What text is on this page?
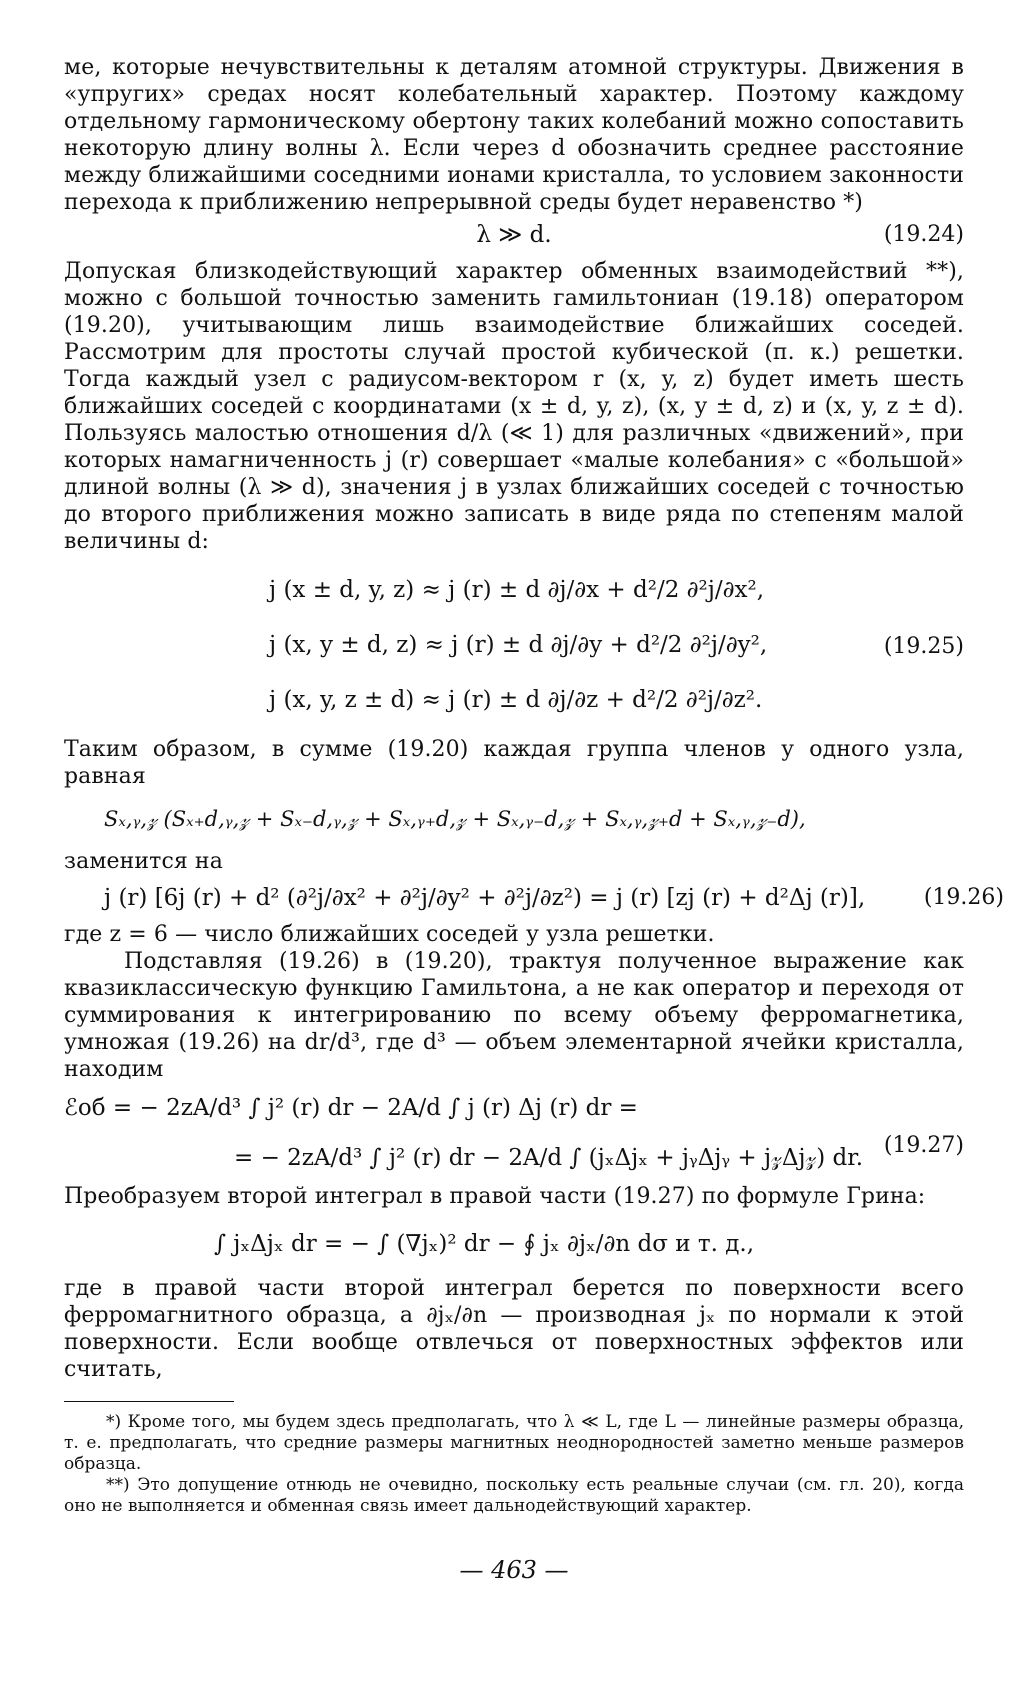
ме, которые нечувствительны к деталям атомной структуры. Движения в «упругих» средах носят колебательный характер. Поэтому каждому отдельному гармоническому обертону таких колебаний можно сопоставить некоторую длину волны λ. Если через d обозначить среднее расстояние между ближайшими соседними ионами кристалла, то условием законности перехода к приближению непрерывной среды будет неравенство *)

λ ≫ d.	(19.24)

Допуская близкодействующий характер обменных взаимодействий **), можно с большой точностью заменить гамильтониан (19.18) оператором (19.20), учитывающим лишь взаимодействие ближайших соседей. Рассмотрим для простоты случай простой кубической (п. к.) решетки. Тогда каждый узел с радиусом-вектором r (x, y, z) будет иметь шесть ближайших соседей с координатами (x ± d, y, z), (x, y ± d, z) и (x, y, z ± d). Пользуясь малостью отношения d/λ (≪ 1) для различных «движений», при которых намагниченность j (r) совершает «малые колебания» с «большой» длиной волны (λ ≫ d), значения j в узлах ближайших соседей с точностью до второго приближения можно записать в виде ряда по степеням малой величины d:

j (x ± d, y, z) ≈ j (r) ± d ∂j/∂x + d²/2 ∂²j/∂x²,
j (x, y ± d, z) ≈ j (r) ± d ∂j/∂y + d²/2 ∂²j/∂y²,
j (x, y, z ± d) ≈ j (r) ± d ∂j/∂z + d²/2 ∂²j/∂z².
(19.25)

Таким образом, в сумме (19.20) каждая группа членов у одного узла, равная

Sₓ,ᵧ,𝓏 (Sₓ₊d,ᵧ,𝓏 + Sₓ₋d,ᵧ,𝓏 + Sₓ,ᵧ₊d,𝓏 + Sₓ,ᵧ₋d,𝓏 + Sₓ,ᵧ,𝓏₊d + Sₓ,ᵧ,𝓏₋d),

заменится на

j (r) [6j (r) + d² (∂²j/∂x² + ∂²j/∂y² + ∂²j/∂z²) = j (r) [zj (r) + d²Δj (r)],	(19.26)

где z = 6 — число ближайших соседей у узла решетки.

Подставляя (19.26) в (19.20), трактуя полученное выражение как квазиклассическую функцию Гамильтона, а не как оператор и переходя от суммирования к интегрированию по всему объему ферромагнетика, умножая (19.26) на dr/d³, где d³ — объем элементарной ячейки кристалла, находим

ℰоб = − 2zA/d³ ∫ j² (r) dr − 2A/d ∫ j (r) Δj (r) dr =
= − 2zA/d³ ∫ j² (r) dr − 2A/d ∫ (jₓΔjₓ + jᵧΔjᵧ + j𝓏Δj𝓏) dr. (19.27)

Преобразуем второй интеграл в правой части (19.27) по формуле Грина:

∫ jₓΔjₓ dr = − ∫ (∇jₓ)² dr − ∮ jₓ ∂jₓ/∂n dσ и т. д.,

где в правой части второй интеграл берется по поверхности всего ферромагнитного образца, а ∂jₓ/∂n — производная jₓ по нормали к этой поверхности. Если вообще отвлечься от поверхностных эффектов или считать,

*) Кроме того, мы будем здесь предполагать, что λ ≪ L, где L — линейные размеры образца, т. е. предполагать, что средние размеры магнитных неоднородностей заметно меньше размеров образца.

**) Это допущение отнюдь не очевидно, поскольку есть реальные случаи (см. гл. 20), когда оно не выполняется и обменная связь имеет дальнодействующий характер.

— 463 —
